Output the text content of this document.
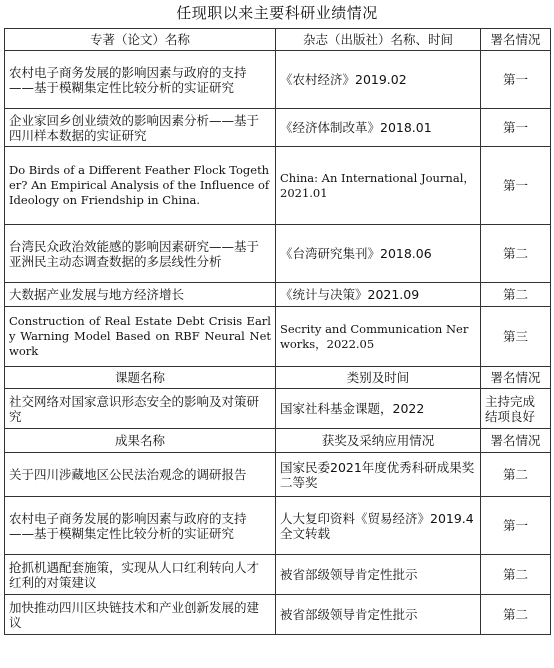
任现职以来主要科研业绩情况
专著（论文）名称	杂志（出版社）名称、时间	署名情况
农村电子商务发展的影响因素与政府的支持——基于模糊集定性比较分析的实证研究	《农村经济》2019.02	第一
企业家回乡创业绩效的影响因素分析——基于四川样本数据的实证研究	《经济体制改革》2018.01	第一
Do Birds of a Different Feather Flock Together? An Empirical Analysis of the Influence of Ideology on Friendship in China.	China: An International Journal，2021.01	第一
台湾民众政治效能感的影响因素研究——基于亚洲民主动态调查数据的多层线性分析	《台湾研究集刊》2018.06	第二
大数据产业发展与地方经济增长	《统计与决策》2021.09	第二
Construction of Real Estate Debt Crisis Early Warning Model Based on RBF Neural Network	Secrity and Communication Nerworks，2022.05	第三
课题名称	类别及时间	署名情况
社交网络对国家意识形态安全的影响及对策研究	国家社科基金课题，2022	主持完成结项良好
成果名称	获奖及采纳应用情况	署名情况
关于四川涉藏地区公民法治观念的调研报告	国家民委2021年度优秀科研成果奖二等奖	第二
农村电子商务发展的影响因素与政府的支持——基于模糊集定性比较分析的实证研究	人大复印资料《贸易经济》2019.4全文转载	第一
抢抓机遇配套施策，实现从人口红利转向人才红利的对策建议	被省部级领导肯定性批示	第二
加快推动四川区块链技术和产业创新发展的建议	被省部级领导肯定性批示	第二
